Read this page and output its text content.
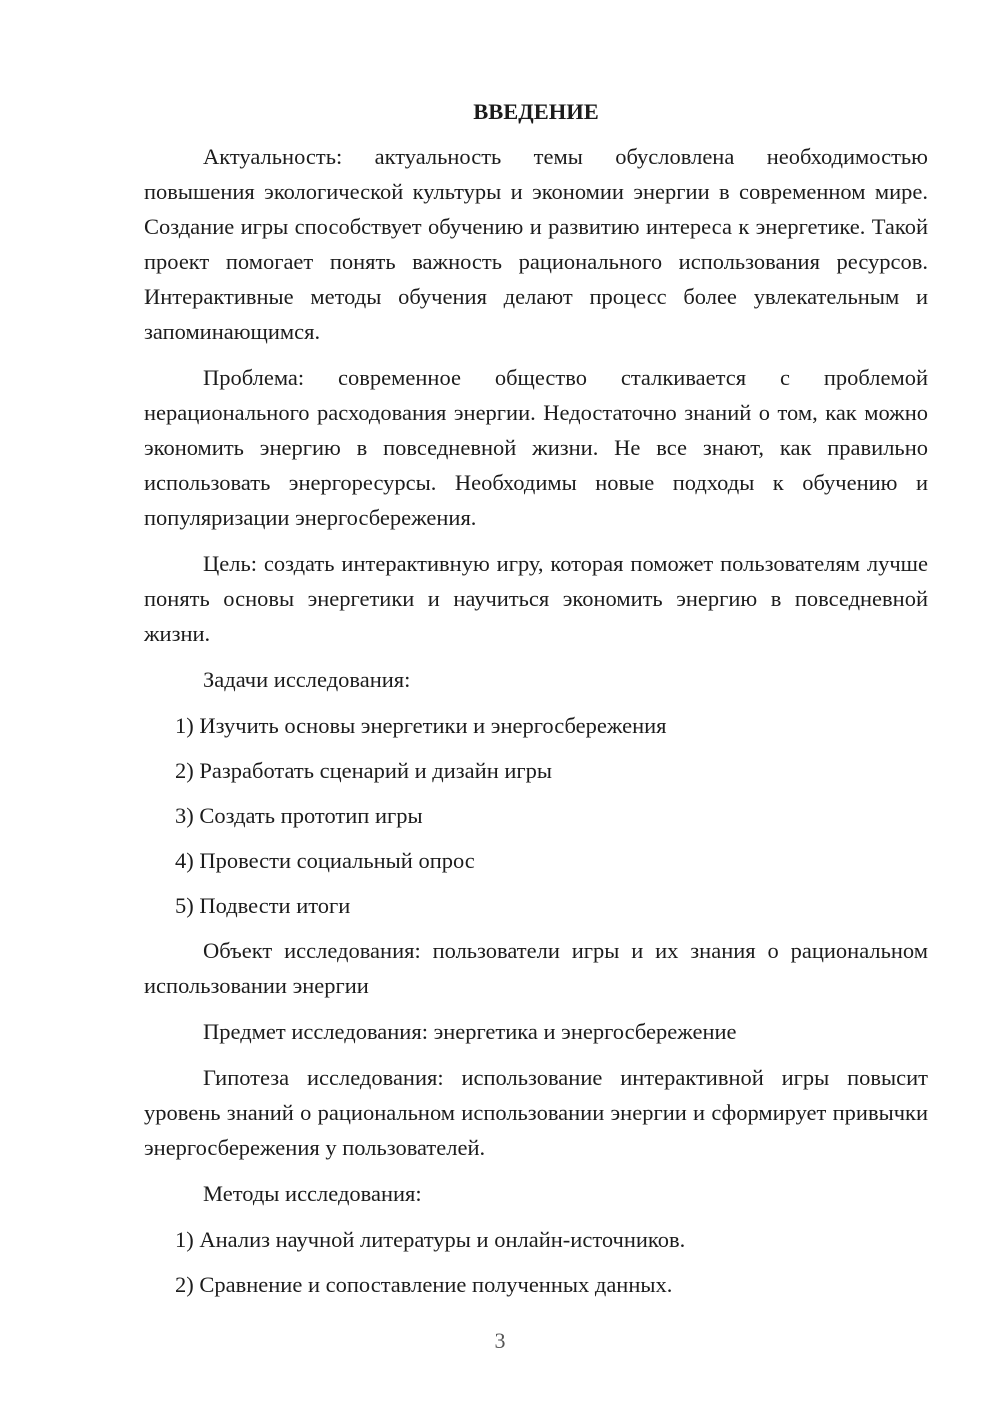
ВВЕДЕНИЕ

Актуальность: актуальность темы обусловлена необходимостью повышения экологической культуры и экономии энергии в современном мире. Создание игры способствует обучению и развитию интереса к энергетике. Такой проект помогает понять важность рационального использования ресурсов. Интерактивные методы обучения делают процесс более увлекательным и запоминающимся.

Проблема: современное общество сталкивается с проблемой нерационального расходования энергии. Недостаточно знаний о том, как можно экономить энергию в повседневной жизни. Не все знают, как правильно использовать энергоресурсы. Необходимы новые подходы к обучению и популяризации энергосбережения.

Цель: создать интерактивную игру, которая поможет пользователям лучше понять основы энергетики и научиться экономить энергию в повседневной жизни.

Задачи исследования:

1) Изучить основы энергетики и энергосбережения

2) Разработать сценарий и дизайн игры

3) Создать прототип игры

4) Провести социальный опрос

5) Подвести итоги

Объект исследования: пользователи игры и их знания о рациональном использовании энергии

Предмет исследования: энергетика и энергосбережение

Гипотеза исследования: использование интерактивной игры повысит уровень знаний о рациональном использовании энергии и сформирует привычки энергосбережения у пользователей.

Методы исследования:

1) Анализ научной литературы и онлайн-источников.

2) Сравнение и сопоставление полученных данных.

3
